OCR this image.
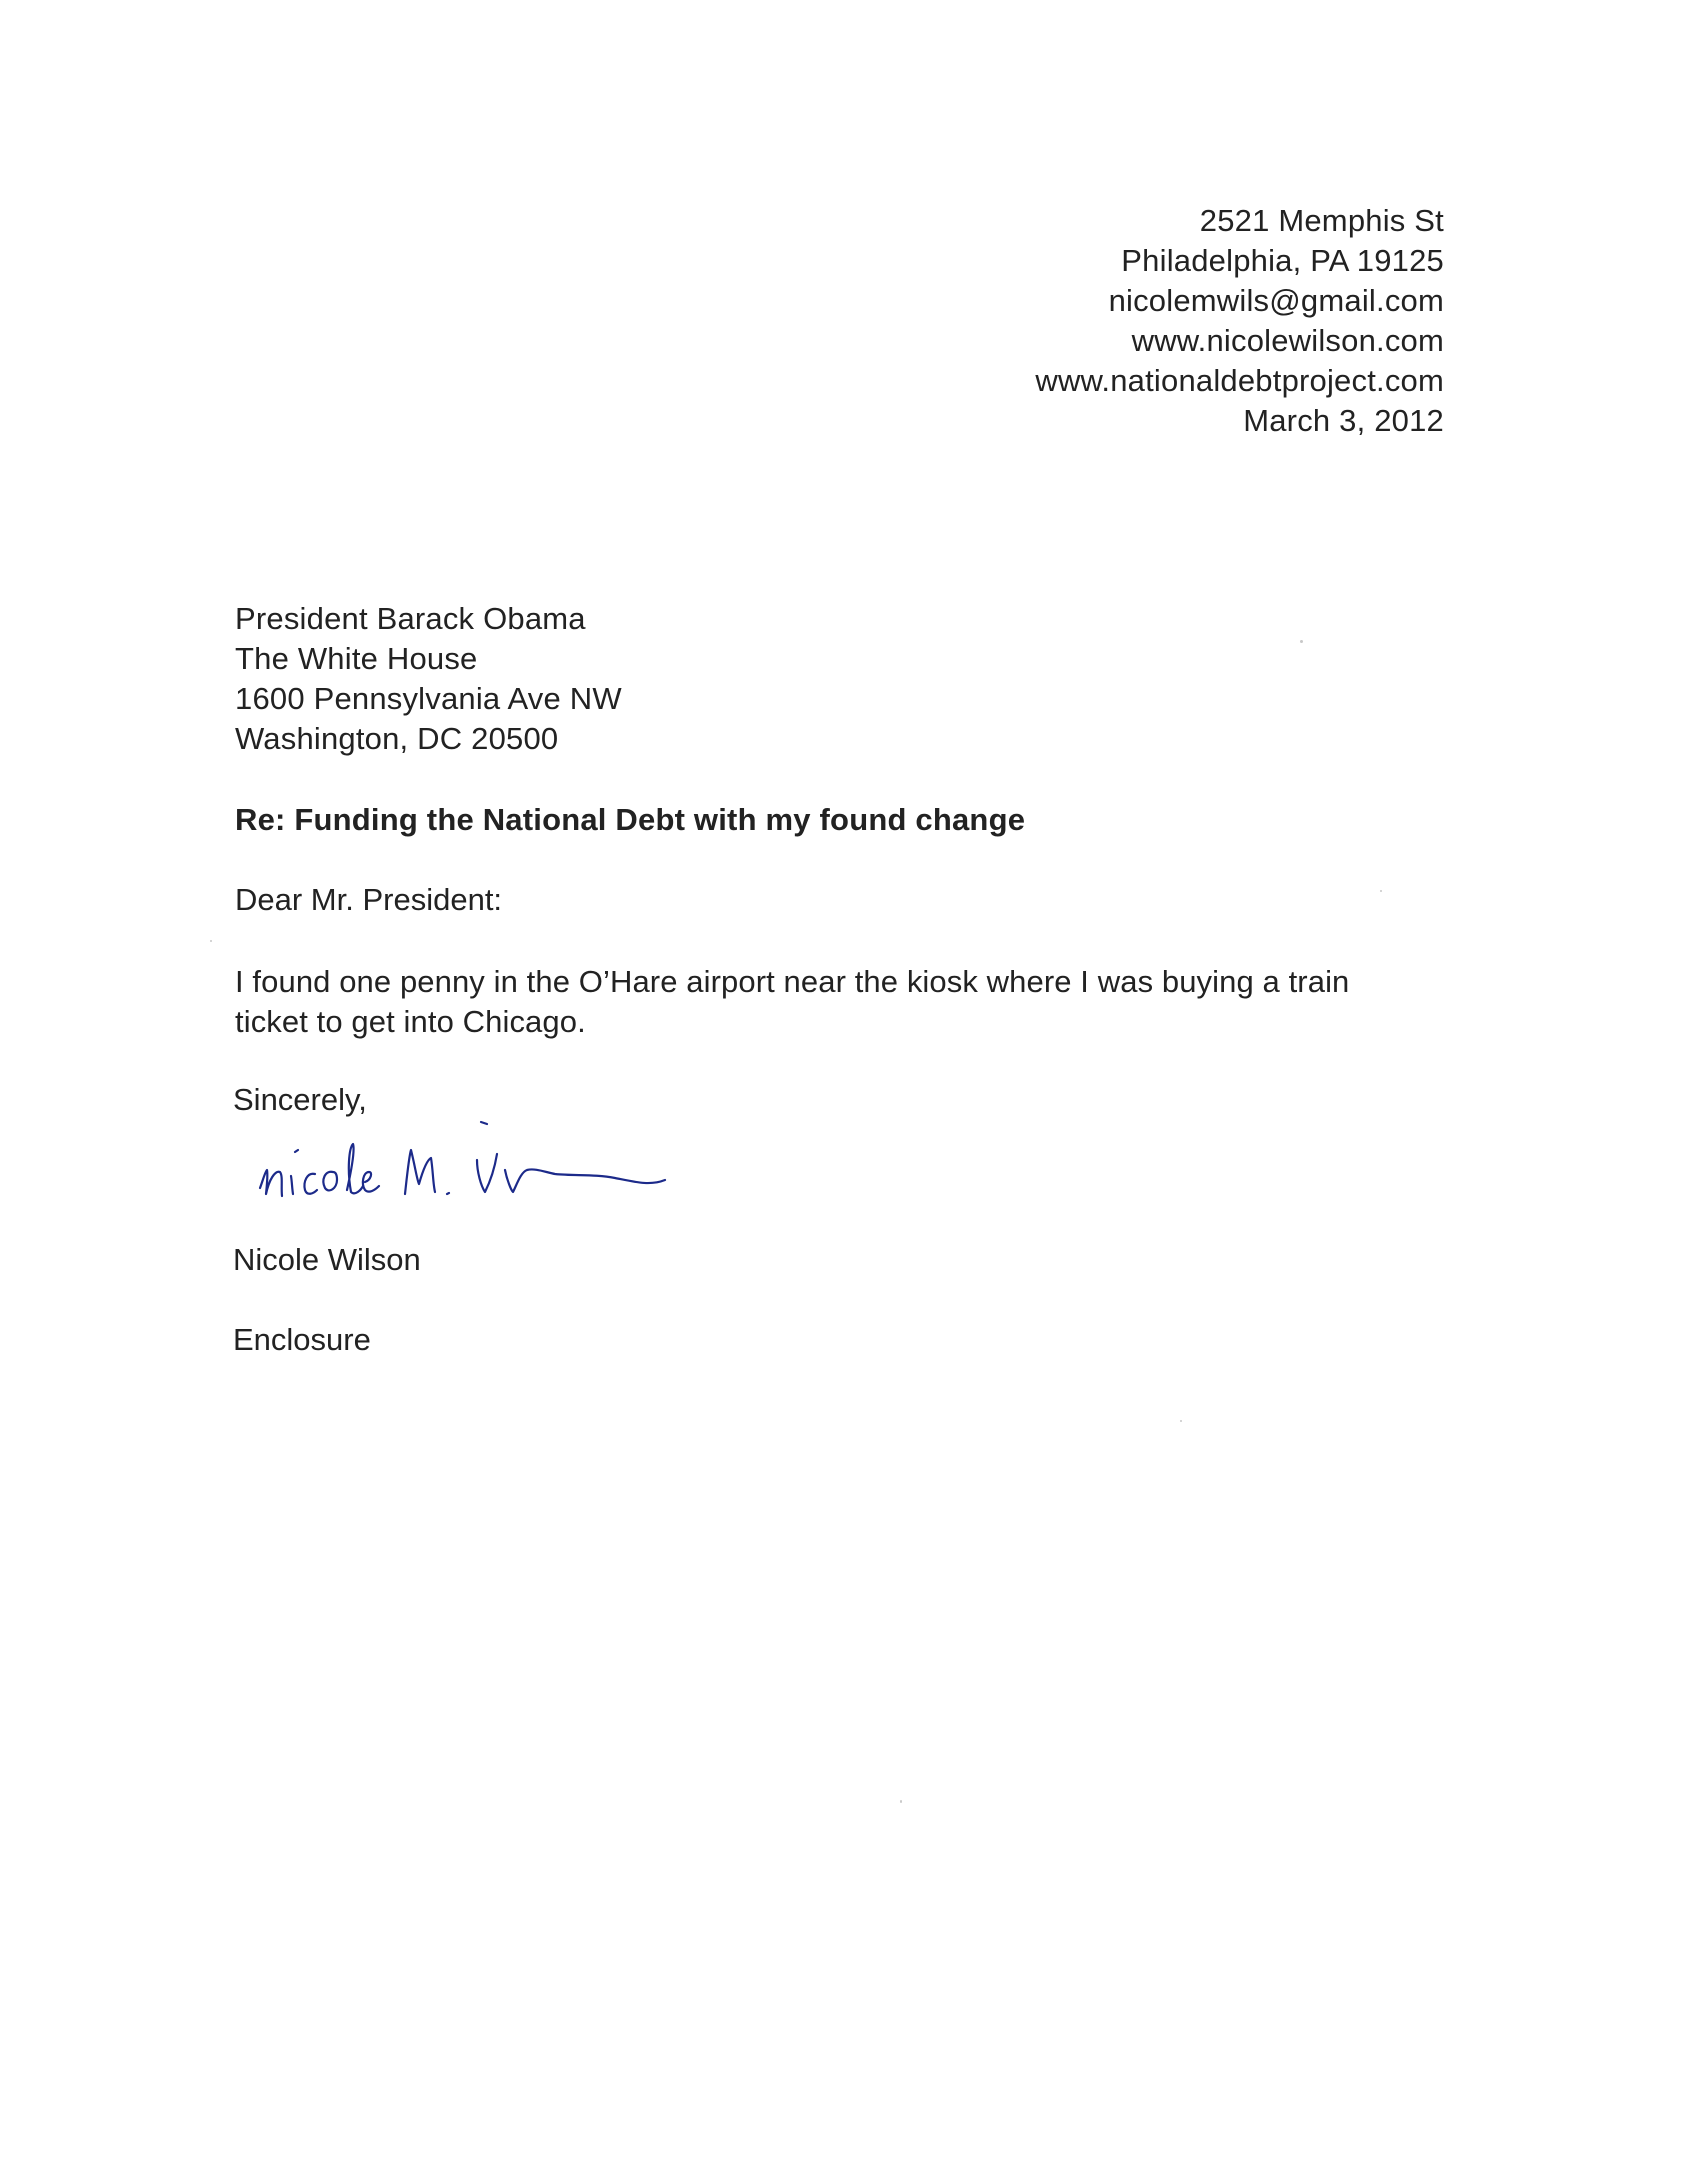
2521 Memphis St
Philadelphia, PA 19125
nicolemwils@gmail.com
www.nicolewilson.com
www.nationaldebtproject.com
March 3, 2012
President Barack Obama
The White House
1600 Pennsylvania Ave NW
Washington, DC 20500
Re: Funding the National Debt with my found change
Dear Mr. President:
I found one penny in the O’Hare airport near the kiosk where I was buying a train
ticket to get into Chicago.
Sincerely,
Nicole Wilson
Enclosure
